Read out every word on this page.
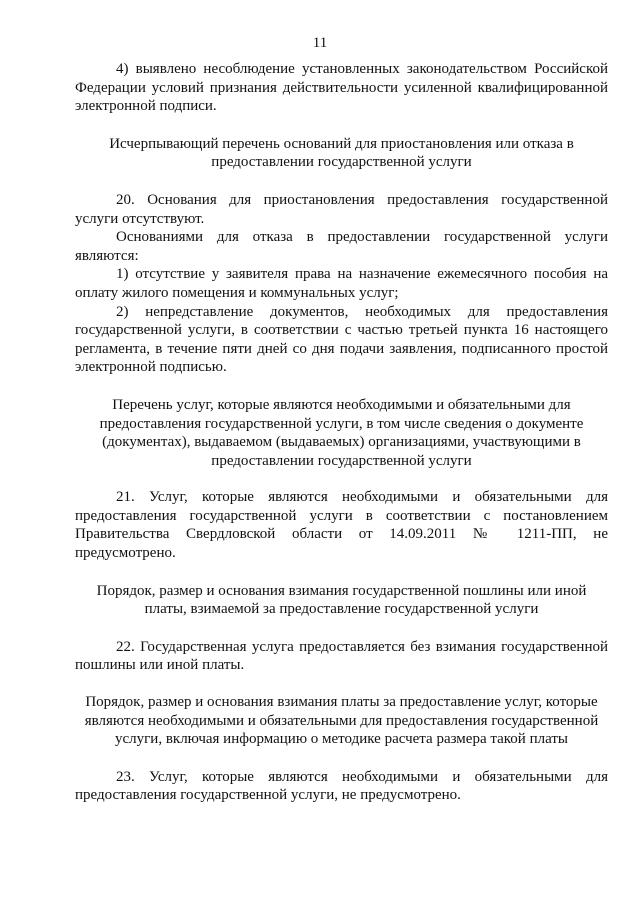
11

4) выявлено несоблюдение установленных законодательством Российской Федерации условий признания действительности усиленной квалифицированной электронной подписи.

Исчерпывающий перечень оснований для приостановления или отказа в предоставлении государственной услуги

20. Основания для приостановления предоставления государственной услуги отсутствуют.

Основаниями для отказа в предоставлении государственной услуги являются:

1) отсутствие у заявителя права на назначение ежемесячного пособия на оплату жилого помещения и коммунальных услуг;

2) непредставление документов, необходимых для предоставления государственной услуги, в соответствии с частью третьей пункта 16 настоящего регламента, в течение пяти дней со дня подачи заявления, подписанного простой электронной подписью.

Перечень услуг, которые являются необходимыми и обязательными для предоставления государственной услуги, в том числе сведения о документе (документах), выдаваемом (выдаваемых) организациями, участвующими в предоставлении государственной услуги

21. Услуг, которые являются необходимыми и обязательными для предоставления государственной услуги в соответствии с постановлением Правительства Свердловской области от 14.09.2011 № 1211-ПП, не предусмотрено.

Порядок, размер и основания взимания государственной пошлины или иной платы, взимаемой за предоставление государственной услуги

22. Государственная услуга предоставляется без взимания государственной пошлины или иной платы.

Порядок, размер и основания взимания платы за предоставление услуг, которые являются необходимыми и обязательными для предоставления государственной услуги, включая информацию о методике расчета размера такой платы

23. Услуг, которые являются необходимыми и обязательными для предоставления государственной услуги, не предусмотрено.
